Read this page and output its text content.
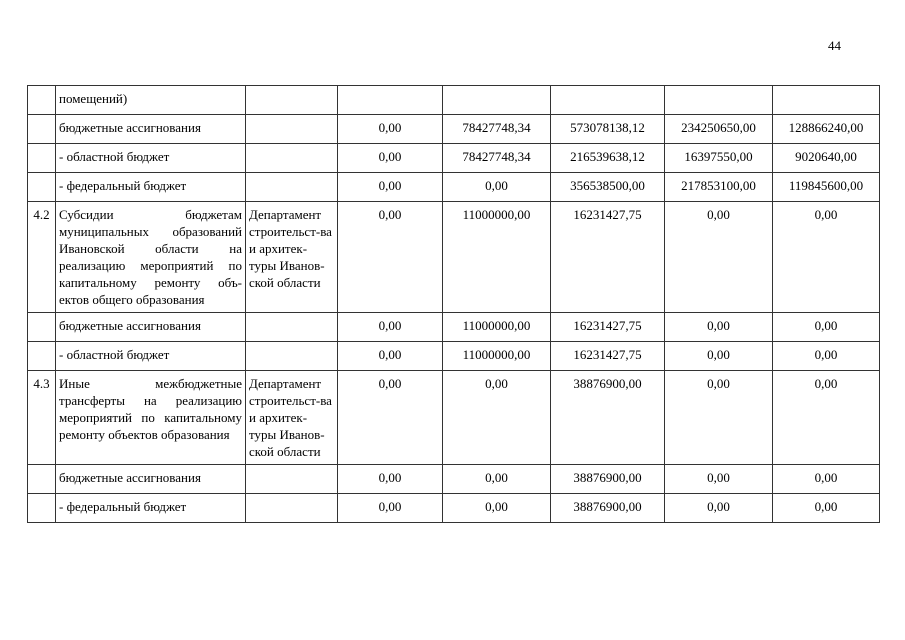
44
	помещений)						
	бюджетные ассигнования		0,00	78427748,34	573078138,12	234250650,00	128866240,00
	- областной бюджет		0,00	78427748,34	216539638,12	16397550,00	9020640,00
	- федеральный бюджет		0,00	0,00	356538500,00	217853100,00	119845600,00
4.2	Субсидии бюджетам муниципальных образований Ивановской области на реализацию мероприятий по капитальному ремонту объ-ектов общего образования	Департамент строительст-ва и архитек-туры Иванов-ской области	0,00	11000000,00	16231427,75	0,00	0,00
	бюджетные ассигнования		0,00	11000000,00	16231427,75	0,00	0,00
	- областной бюджет		0,00	11000000,00	16231427,75	0,00	0,00
4.3	Иные межбюджетные трансферты на реализацию мероприятий по капитальному ремонту объектов образования	Департамент строительст-ва и архитек-туры Иванов-ской области	0,00	0,00	38876900,00	0,00	0,00
	бюджетные ассигнования		0,00	0,00	38876900,00	0,00	0,00
	- федеральный бюджет		0,00	0,00	38876900,00	0,00	0,00
